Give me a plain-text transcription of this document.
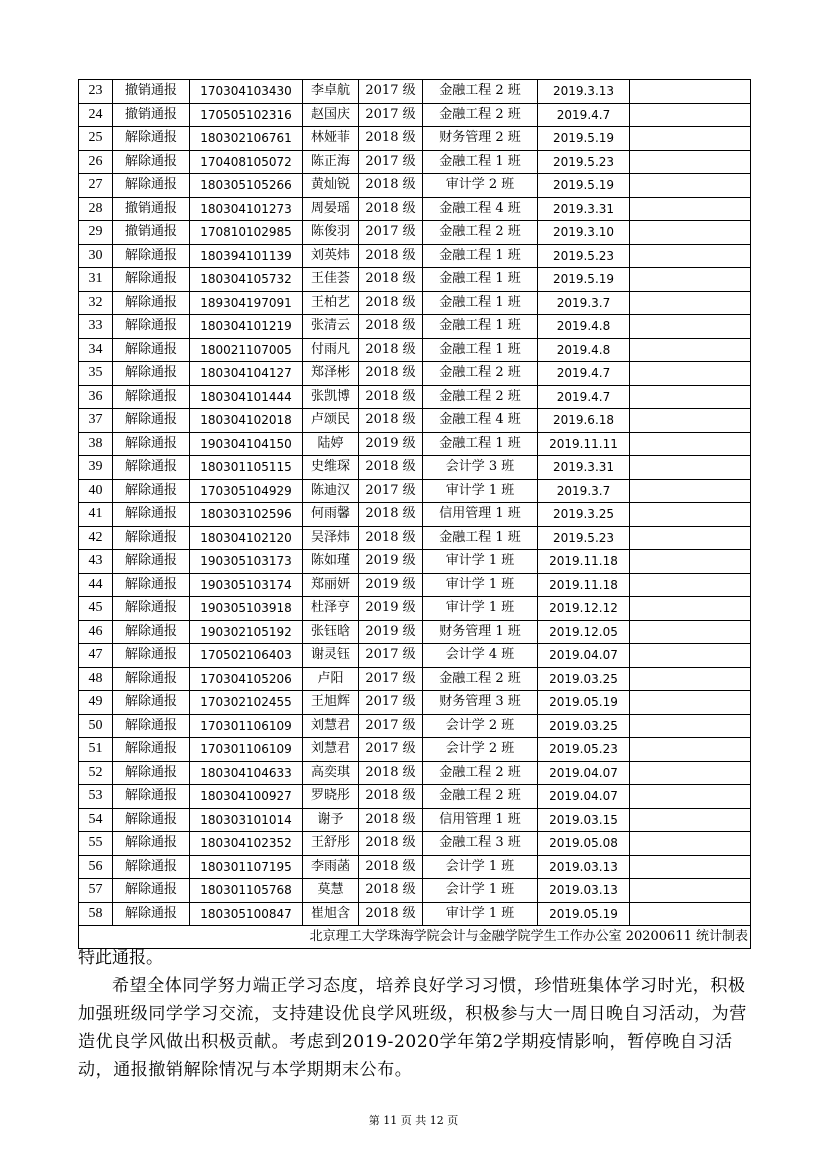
23	撤销通报	170304103430	李卓航	2017 级	金融工程 2 班	2019.3.13	
24	撤销通报	170505102316	赵国庆	2017 级	金融工程 2 班	2019.4.7	
25	解除通报	180302106761	林娅菲	2018 级	财务管理 2 班	2019.5.19	
26	解除通报	170408105072	陈正海	2017 级	金融工程 1 班	2019.5.23	
27	解除通报	180305105266	黄灿锐	2018 级	审计学 2 班	2019.5.19	
28	撤销通报	180304101273	周晏瑶	2018 级	金融工程 4 班	2019.3.31	
29	撤销通报	170810102985	陈俊羽	2017 级	金融工程 2 班	2019.3.10	
30	解除通报	180394101139	刘英炜	2018 级	金融工程 1 班	2019.5.23	
31	解除通报	180304105732	王佳荟	2018 级	金融工程 1 班	2019.5.19	
32	解除通报	189304197091	王柏艺	2018 级	金融工程 1 班	2019.3.7	
33	解除通报	180304101219	张清云	2018 级	金融工程 1 班	2019.4.8	
34	解除通报	180021107005	付雨凡	2018 级	金融工程 1 班	2019.4.8	
35	解除通报	180304104127	郑泽彬	2018 级	金融工程 2 班	2019.4.7	
36	解除通报	180304101444	张凯博	2018 级	金融工程 2 班	2019.4.7	
37	解除通报	180304102018	卢颂民	2018 级	金融工程 4 班	2019.6.18	
38	解除通报	190304104150	陆婷	2019 级	金融工程 1 班	2019.11.11	
39	解除通报	180301105115	史维琛	2018 级	会计学 3 班	2019.3.31	
40	解除通报	170305104929	陈迪汉	2017 级	审计学 1 班	2019.3.7	
41	解除通报	180303102596	何雨馨	2018 级	信用管理 1 班	2019.3.25	
42	解除通报	180304102120	吴泽炜	2018 级	金融工程 1 班	2019.5.23	
43	解除通报	190305103173	陈如瑾	2019 级	审计学 1 班	2019.11.18	
44	解除通报	190305103174	郑丽妍	2019 级	审计学 1 班	2019.11.18	
45	解除通报	190305103918	杜泽亨	2019 级	审计学 1 班	2019.12.12	
46	解除通报	190302105192	张钰晗	2019 级	财务管理 1 班	2019.12.05	
47	解除通报	170502106403	谢灵钰	2017 级	会计学 4 班	2019.04.07	
48	解除通报	170304105206	卢阳	2017 级	金融工程 2 班	2019.03.25	
49	解除通报	170302102455	王旭辉	2017 级	财务管理 3 班	2019.05.19	
50	解除通报	170301106109	刘慧君	2017 级	会计学 2 班	2019.03.25	
51	解除通报	170301106109	刘慧君	2017 级	会计学 2 班	2019.05.23	
52	解除通报	180304104633	高奕琪	2018 级	金融工程 2 班	2019.04.07	
53	解除通报	180304100927	罗晓彤	2018 级	金融工程 2 班	2019.04.07	
54	解除通报	180303101014	谢予	2018 级	信用管理 1 班	2019.03.15	
55	解除通报	180304102352	王舒彤	2018 级	金融工程 3 班	2019.05.08	
56	解除通报	180301107195	李雨菡	2018 级	会计学 1 班	2019.03.13	
57	解除通报	180301105768	莫慧	2018 级	会计学 1 班	2019.03.13	
58	解除通报	180305100847	崔旭含	2018 级	审计学 1 班	2019.05.19	
北京理工大学珠海学院会计与金融学院学生工作办公室 20200611 统计制表							

特此通报。

希望全体同学努力端正学习态度，培养良好学习习惯，珍惜班集体学习时光，积极加强班级同学学习交流，支持建设优良学风班级，积极参与大一周日晚自习活动，为营造优良学风做出积极贡献。考虑到2019-2020学年第2学期疫情影响，暂停晚自习活动，通报撤销解除情况与本学期期末公布。

第 11 页 共 12 页
